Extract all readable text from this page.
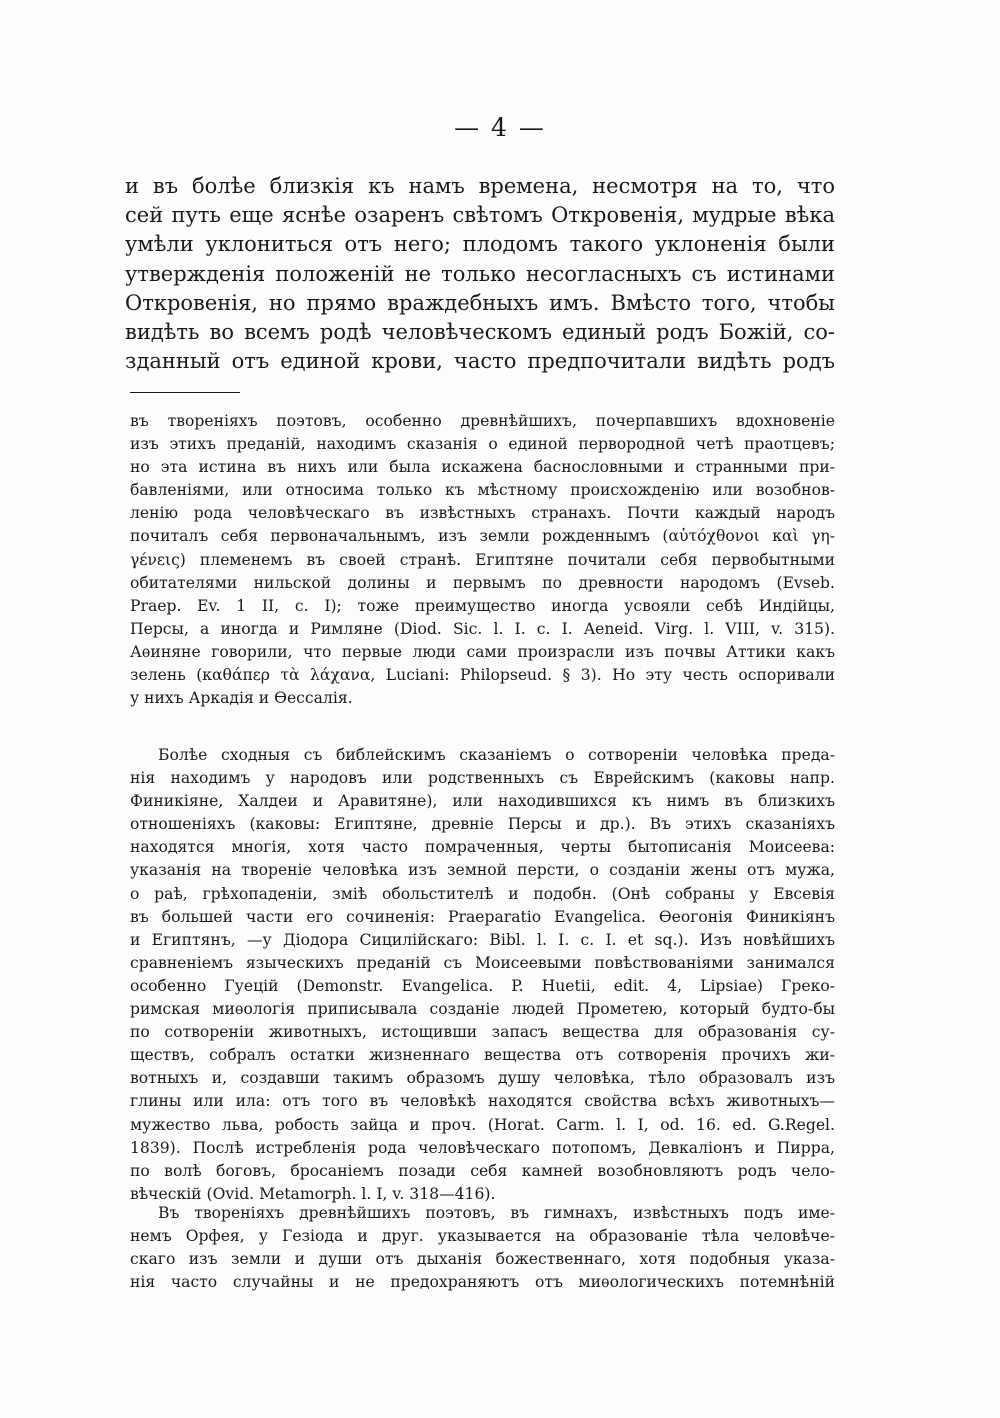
— 4 —
и въ болѣе близкія къ намъ времена, несмотря на то, что
сей путь еще яснѣе озаренъ свѣтомъ Откровенія, мудрые вѣка
умѣли уклониться отъ него; плодомъ такого уклоненія были
утвержденія положеній не только несогласныхъ съ истинами
Откровенія, но прямо враждебныхъ имъ. Вмѣсто того, чтобы
видѣть во всемъ родѣ человѣческомъ единый родъ Божій, со-
зданный отъ единой крови, часто предпочитали видѣть родъ
въ твореніяхъ поэтовъ, особенно древнѣйшихъ, почерпавшихъ вдохновеніе
изъ этихъ преданій, находимъ сказанія о единой первородной четѣ праотцевъ;
но эта истина въ нихъ или была искажена баснословными и странными при-
бавленіями, или относима только къ мѣстному происхожденію или возобнов-
ленію рода человѣческаго въ извѣстныхъ странахъ. Почти каждый народъ
почиталъ себя первоначальнымъ, изъ земли рожденнымъ (αὐτόχθονοι καὶ γη-
γένεις) племенемъ въ своей странѣ. Египтяне почитали себя первобытными
обитателями нильской долины и первымъ по древности народомъ (Evseb.
Praep. Ev. 1 II, c. I); тоже преимущество иногда усвояли себѣ Индійцы,
Персы, а иногда и Римляне (Diod. Sic. l. I. c. I. Aeneid. Virg. l. VIII, v. 315).
Аѳиняне говорили, что первые люди сами произрасли изъ почвы Аттики какъ
зелень (καθάπερ τὰ λάχανα, Luciani: Philopseud. § 3). Но эту честь оспоривали
у нихъ Аркадія и Ѳессалія.
Болѣе сходныя съ библейскимъ сказаніемъ о сотвореніи человѣка преда-
нія находимъ у народовъ или родственныхъ съ Еврейскимъ (каковы напр.
Финикіяне, Халдеи и Аравитяне), или находившихся къ нимъ въ близкихъ
отношеніяхъ (каковы: Египтяне, древніе Персы и др.). Въ этихъ сказаніяхъ
находятся многія, хотя часто помраченныя, черты бытописанія Моисеева:
указанія на твореніе человѣка изъ земной персти, о созданіи жены отъ мужа,
о раѣ, грѣхопаденіи, зміѣ обольстителѣ и подобн. (Онѣ собраны у Евсевія
въ большей части его сочиненія: Praeparatio Evangelica. Ѳеогонія Финикіянъ
и Египтянъ, —у Діодора Сицилійскаго: Bibl. l. I. c. I. et sq.). Изъ новѣйшихъ
сравненіемъ языческихъ преданій съ Моисеевыми повѣствованіями занимался
особенно Гуецій (Demonstr. Evangelica. P. Huetii, edit. 4, Lipsiae) Греко-
римская миѳологія приписывала созданіе людей Прометею, который будто-бы
по сотвореніи животныхъ, истощивши запасъ вещества для образованія су-
ществъ, собралъ остатки жизненнаго вещества отъ сотворенія прочихъ жи-
вотныхъ и, создавши такимъ образомъ душу человѣка, тѣло образовалъ изъ
глины или ила: отъ того въ человѣкѣ находятся свойства всѣхъ животныхъ—
мужество льва, робость зайца и проч. (Horat. Carm. l. I, od. 16. ed. G.Regel.
1839). Послѣ истребленія рода человѣческаго потопомъ, Девкаліонъ и Пирра,
по волѣ боговъ, бросаніемъ позади себя камней возобновляютъ родъ чело-
вѣческій (Ovid. Metamorph. l. I, v. 318—416).
Въ твореніяхъ древнѣйшихъ поэтовъ, въ гимнахъ, извѣстныхъ подъ име-
немъ Орфея, у Гезіода и друг. указывается на образованіе тѣла человѣче-
скаго изъ земли и души отъ дыханія божественнаго, хотя подобныя указа-
нія часто случайны и не предохраняютъ отъ миѳологическихъ потемнѣній
